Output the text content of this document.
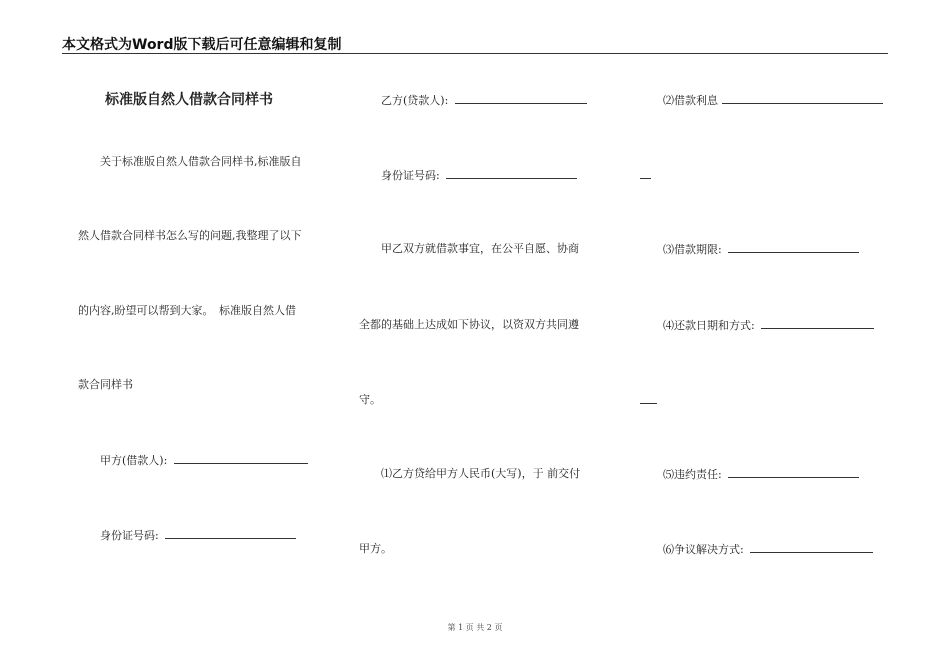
本文格式为Word版下载后可任意编辑和复制
标准版自然人借款合同样书
关于标准版自然人借款合同样书,标准版自
然人借款合同样书怎么写的问题,我整理了以下
的内容,盼望可以帮到大家。　标准版自然人借
款合同样书
甲方(借款人):
身份证号码:
乙方(贷款人):
身份证号码:
甲乙双方就借款事宜，在公平自愿、协商
全都的基础上达成如下协议，以资双方共同遵
守。
⑴乙方贷给甲方人民币(大写)，于 前交付
甲方。
⑵借款利息
⑶借款期限:
⑷还款日期和方式:
⑸违约责任:
⑹争议解决方式:
第 1 页 共 2 页
